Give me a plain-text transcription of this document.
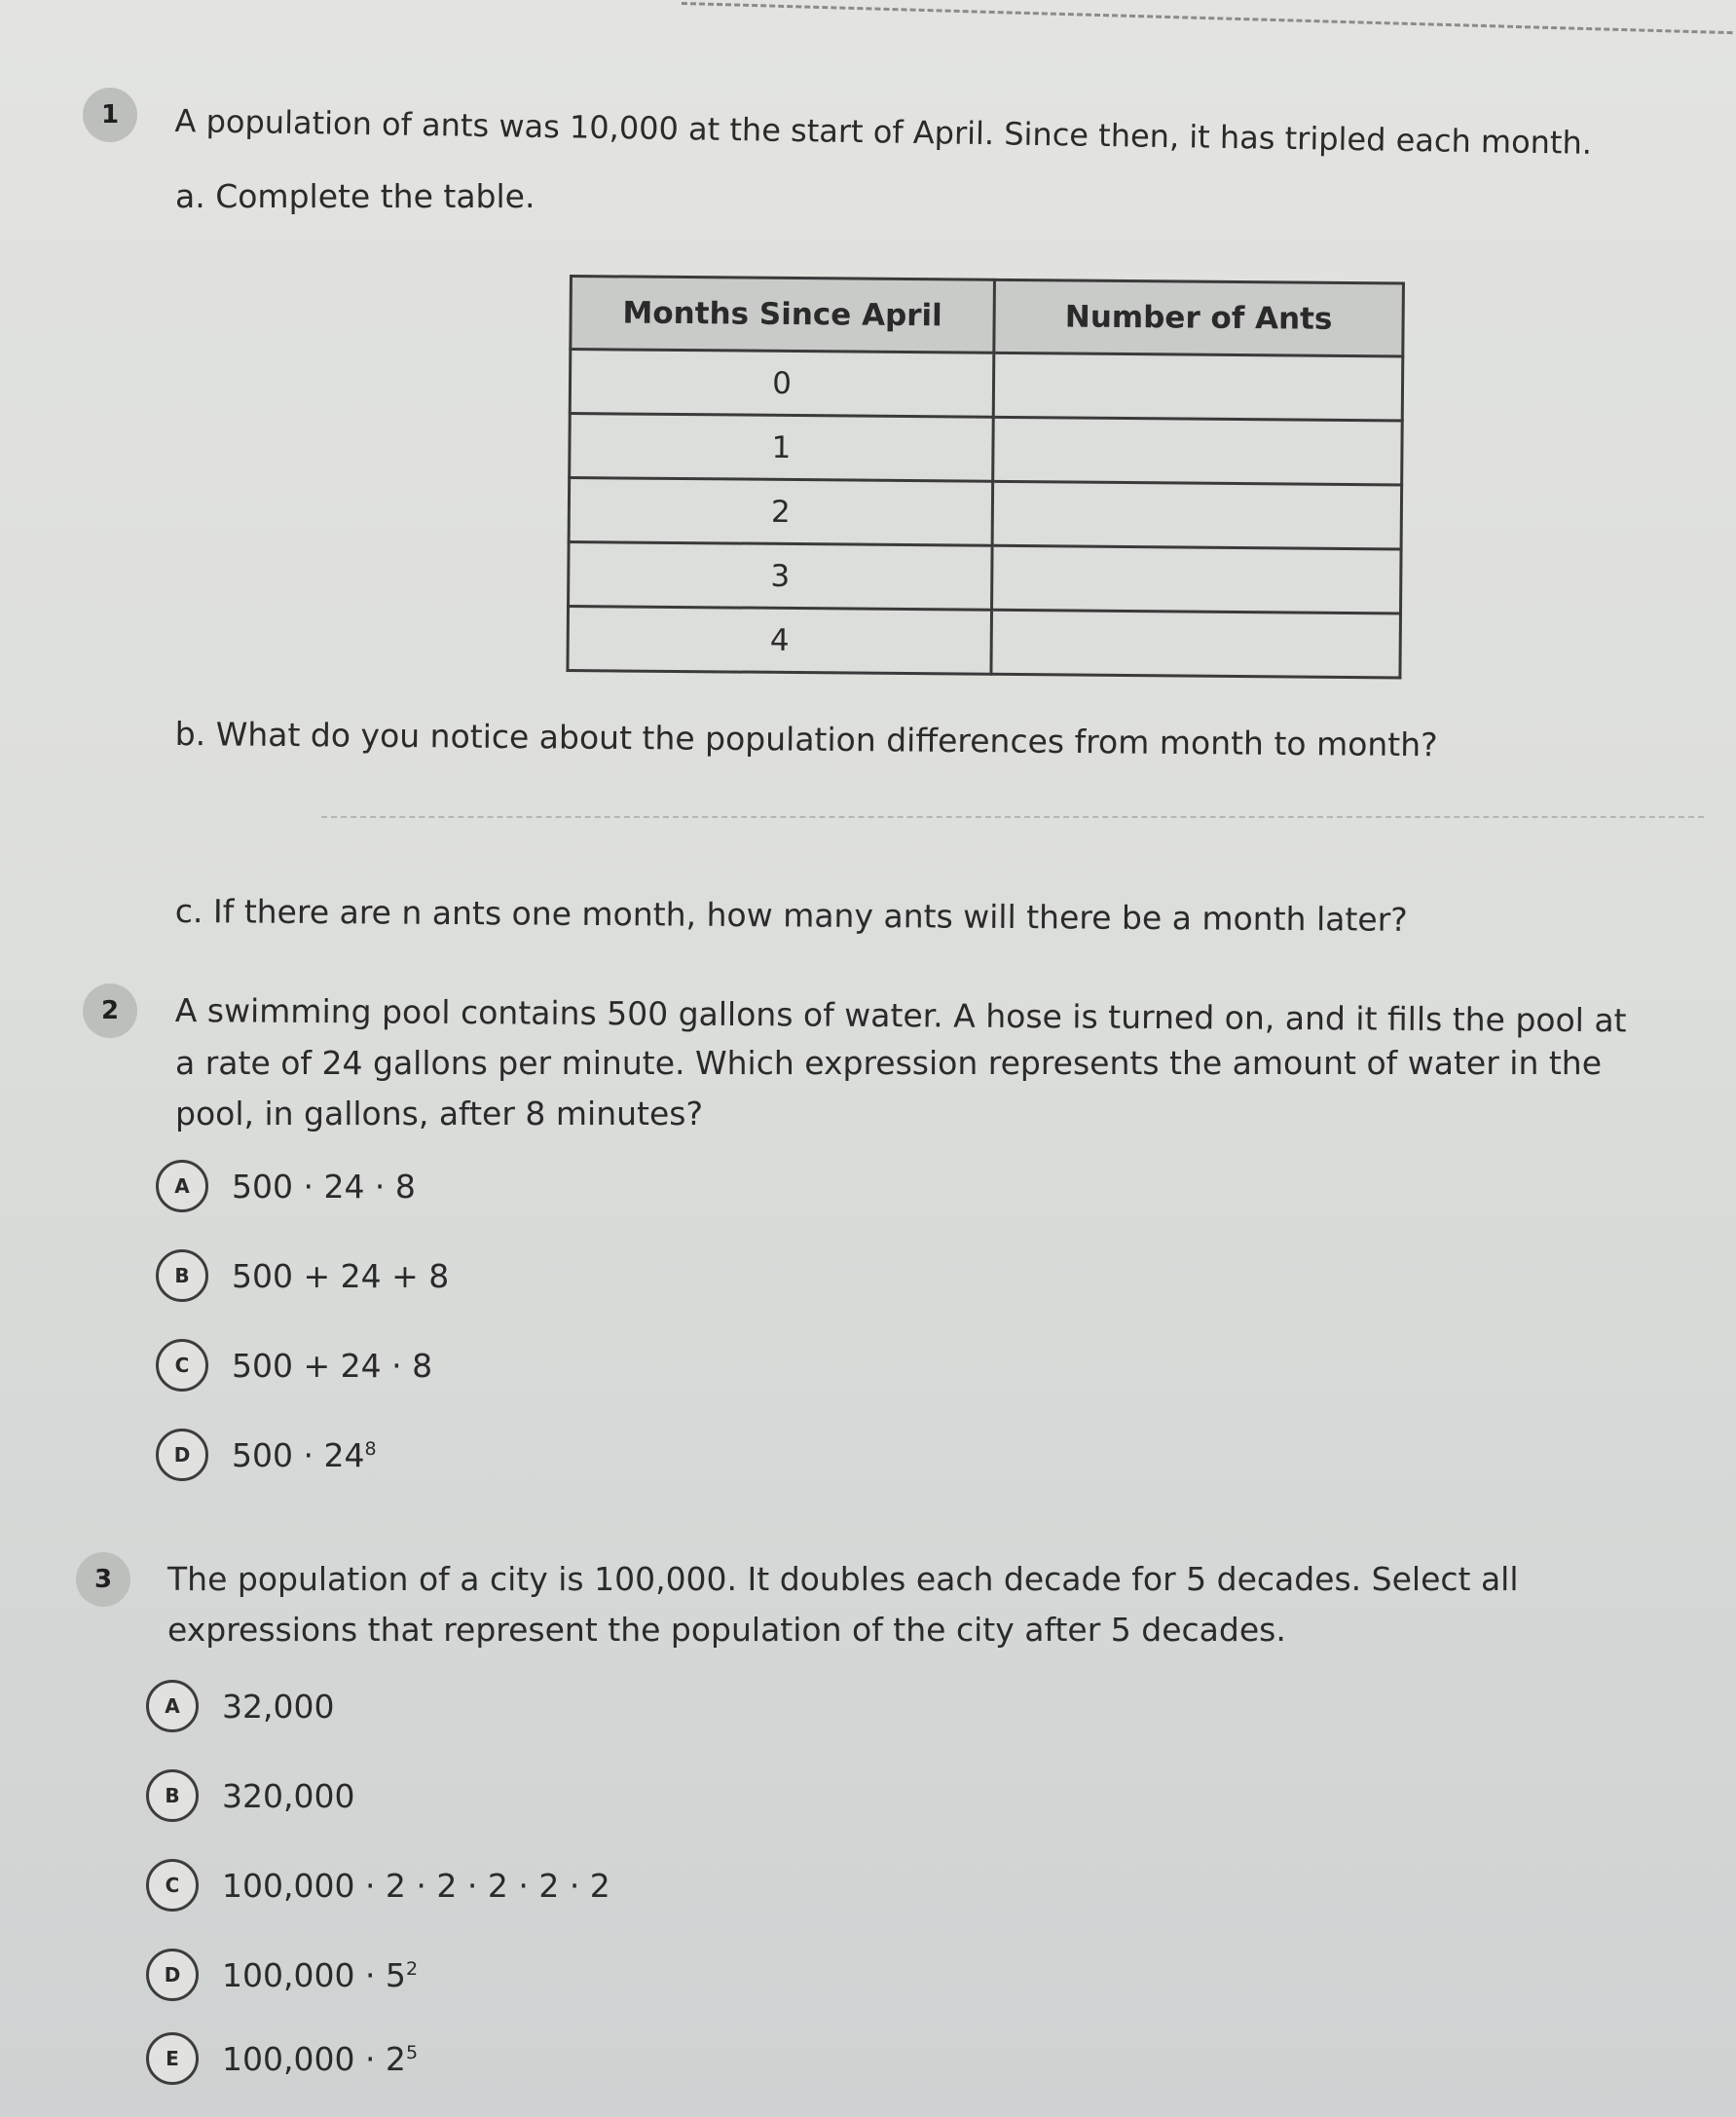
1	A population of ants was 10,000 at the start of April. Since then, it has tripled each month.
a. Complete the table.
Months Since April	Number of Ants
0	
1	
2	
3	
4	
b. What do you notice about the population differences from month to month?
c. If there are n ants one month, how many ants will there be a month later?
2	A swimming pool contains 500 gallons of water. A hose is turned on, and it fills the pool at
a rate of 24 gallons per minute. Which expression represents the amount of water in the
pool, in gallons, after 8 minutes?
A	500 · 24 · 8
B	500 + 24 + 8
C	500 + 24 · 8
D	$500 \cdot 24^8$
3	The population of a city is 100,000. It doubles each decade for 5 decades. Select all
expressions that represent the population of the city after 5 decades.
A	32,000
B	320,000
C	100,000 · 2 · 2 · 2 · 2 · 2
D	$100,000 \cdot 5^2$
E	$100,000 \cdot 2^5$
